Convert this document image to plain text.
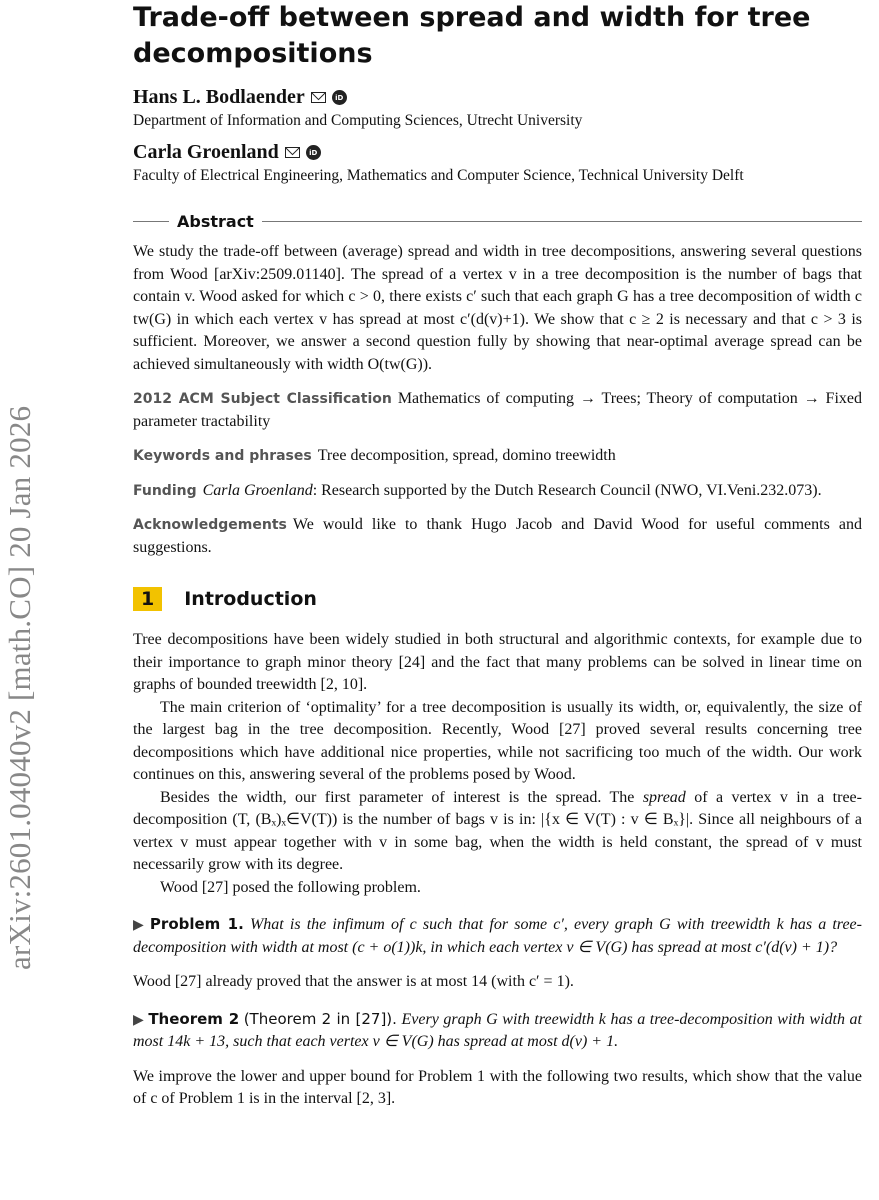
arXiv:2601.04040v2 [math.CO] 20 Jan 2026
Trade-off between spread and width for tree decompositions
Hans L. Bodlaender	iD
Department of Information and Computing Sciences, Utrecht University
Carla Groenland	iD
Faculty of Electrical Engineering, Mathematics and Computer Science, Technical University Delft
Abstract

We study the trade-off between (average) spread and width in tree decompositions, answering several questions from Wood [arXiv:2509.01140]. The spread of a vertex v in a tree decomposition is the number of bags that contain v. Wood asked for which c > 0, there exists c′ such that each graph G has a tree decomposition of width c tw(G) in which each vertex v has spread at most c′(d(v)+1). We show that c ≥ 2 is necessary and that c > 3 is sufficient. Moreover, we answer a second question fully by showing that near-optimal average spread can be achieved simultaneously with width O(tw(G)).

2012 ACM Subject Classification Mathematics of computing → Trees; Theory of computation → Fixed parameter tractability

Keywords and phrases Tree decomposition, spread, domino treewidth

Funding Carla Groenland: Research supported by the Dutch Research Council (NWO, VI.Veni.232.073).

Acknowledgements We would like to thank Hugo Jacob and David Wood for useful comments and suggestions.

1	Introduction

Tree decompositions have been widely studied in both structural and algorithmic contexts, for example due to their importance to graph minor theory [24] and the fact that many problems can be solved in linear time on graphs of bounded treewidth [2, 10].

The main criterion of ‘optimality’ for a tree decomposition is usually its width, or, equivalently, the size of the largest bag in the tree decomposition. Recently, Wood [27] proved several results concerning tree decompositions which have additional nice properties, while not sacrificing too much of the width. Our work continues on this, answering several of the problems posed by Wood.

Besides the width, our first parameter of interest is the spread. The spread of a vertex v in a tree-decomposition (T, (Bₓ)ₓ∈V(T)) is the number of bags v is in: |{x ∈ V(T) : v ∈ Bₓ}|. Since all neighbours of a vertex v must appear together with v in some bag, when the width is held constant, the spread of v must necessarily grow with its degree.

Wood [27] posed the following problem.

▶ Problem 1. What is the infimum of c such that for some c′, every graph G with treewidth k has a tree-decomposition with width at most (c + o(1))k, in which each vertex v ∈ V(G) has spread at most c′(d(v) + 1)?

Wood [27] already proved that the answer is at most 14 (with c′ = 1).

▶ Theorem 2 (Theorem 2 in [27]). Every graph G with treewidth k has a tree-decomposition with width at most 14k + 13, such that each vertex v ∈ V(G) has spread at most d(v) + 1.

We improve the lower and upper bound for Problem 1 with the following two results, which show that the value of c of Problem 1 is in the interval [2, 3].
